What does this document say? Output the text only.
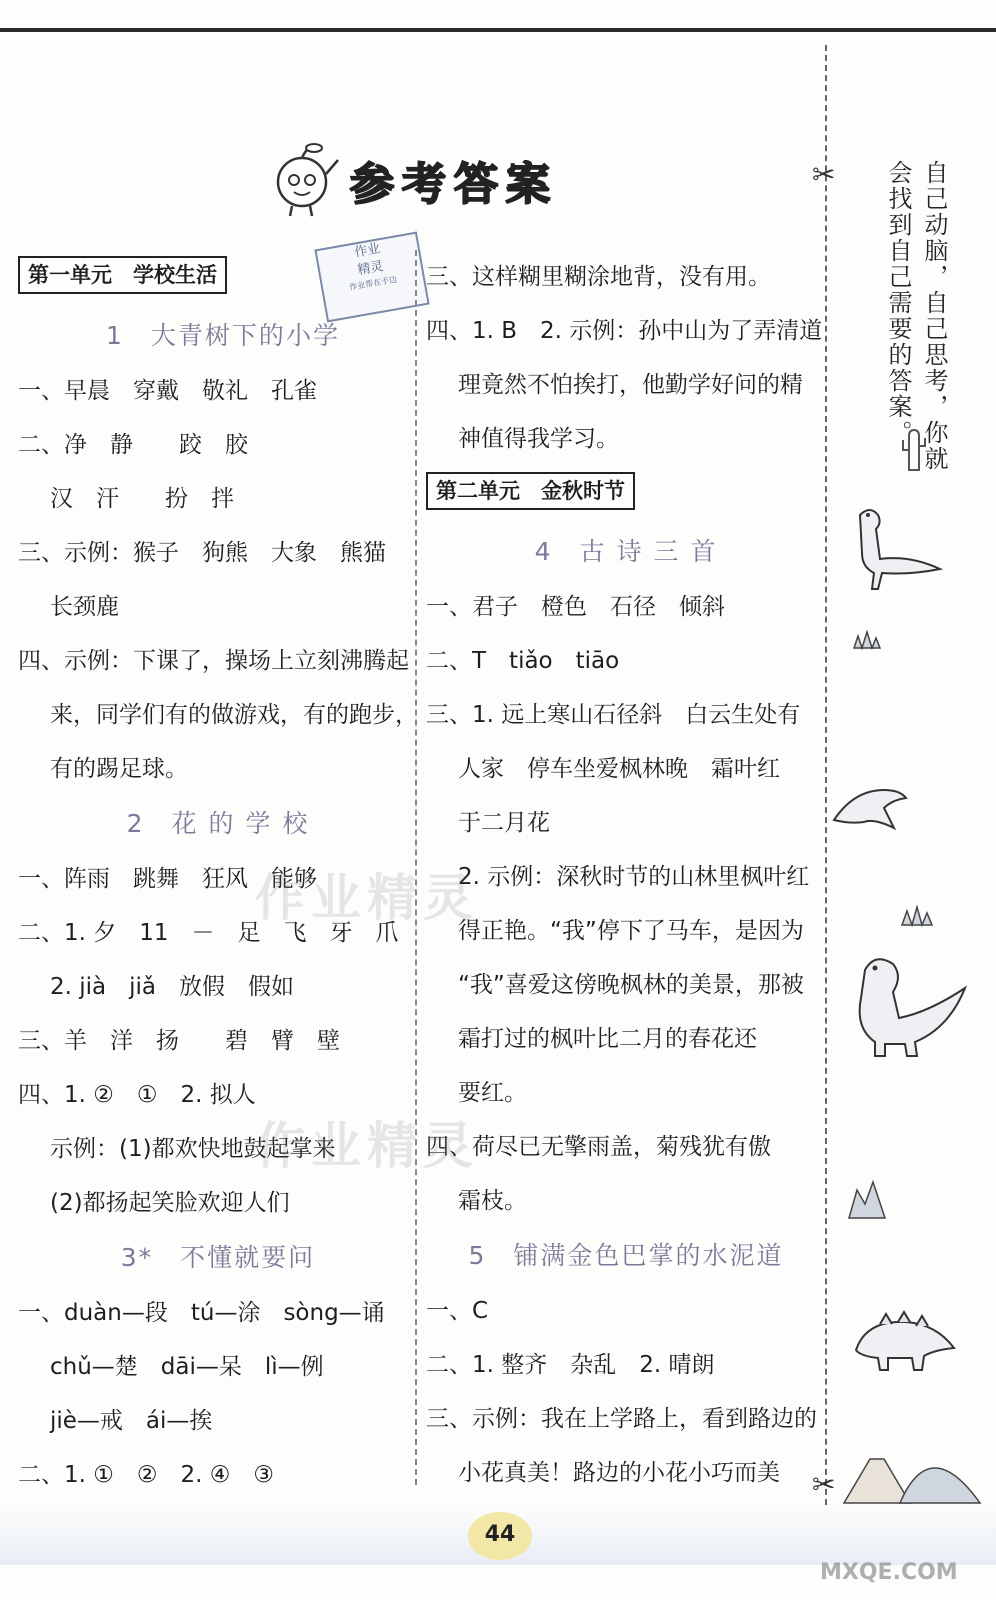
参考答案
作业
精灵
作业帮在手边
第一单元　学校生活
1　大青树下的小学
一、早晨　穿戴　敬礼　孔雀
二、净　静　　跤　胶
汉　汗　　扮　拌
三、示例：猴子　狗熊　大象　熊猫
长颈鹿
四、示例：下课了，操场上立刻沸腾起
来，同学们有的做游戏，有的跑步，
有的踢足球。
2　花 的 学 校
一、阵雨　跳舞　狂风　能够
二、1. 夕　11　－　足　飞　牙　爪
2. jià　jiǎ　放假　假如
三、羊　洋　扬　　碧　臂　壁
四、1. ②　①　2. 拟人
示例：(1)都欢快地鼓起掌来
(2)都扬起笑脸欢迎人们
3*　不懂就要问
一、duàn—段　tú—涂　sòng—诵
chǔ—楚　dāi—呆　lì—例
jiè—戒　ái—挨
二、1. ①　②　2. ④　③
三、这样糊里糊涂地背，没有用。
四、1. B　2. 示例：孙中山为了弄清道
理竟然不怕挨打，他勤学好问的精
神值得我学习。
第二单元　金秋时节
4　古 诗 三 首
一、君子　橙色　石径　倾斜
二、T　tiǎo　tiāo
三、1. 远上寒山石径斜　白云生处有
人家　停车坐爱枫林晚　霜叶红
于二月花
2. 示例：深秋时节的山林里枫叶红
得正艳。“我”停下了马车，是因为
“我”喜爱这傍晚枫林的美景，那被
霜打过的枫叶比二月的春花还
要红。
四、荷尽已无擎雨盖，菊残犹有傲
霜枝。
5　铺满金色巴掌的水泥道
一、C
二、1. 整齐　杂乱　2. 晴朗
三、示例：我在上学路上，看到路边的
小花真美！路边的小花小巧而美
✂
✂
自己动脑，自己思考，你就会找到自己需要的答案。
44
作业精灵
作业精灵
MXQE.COM
